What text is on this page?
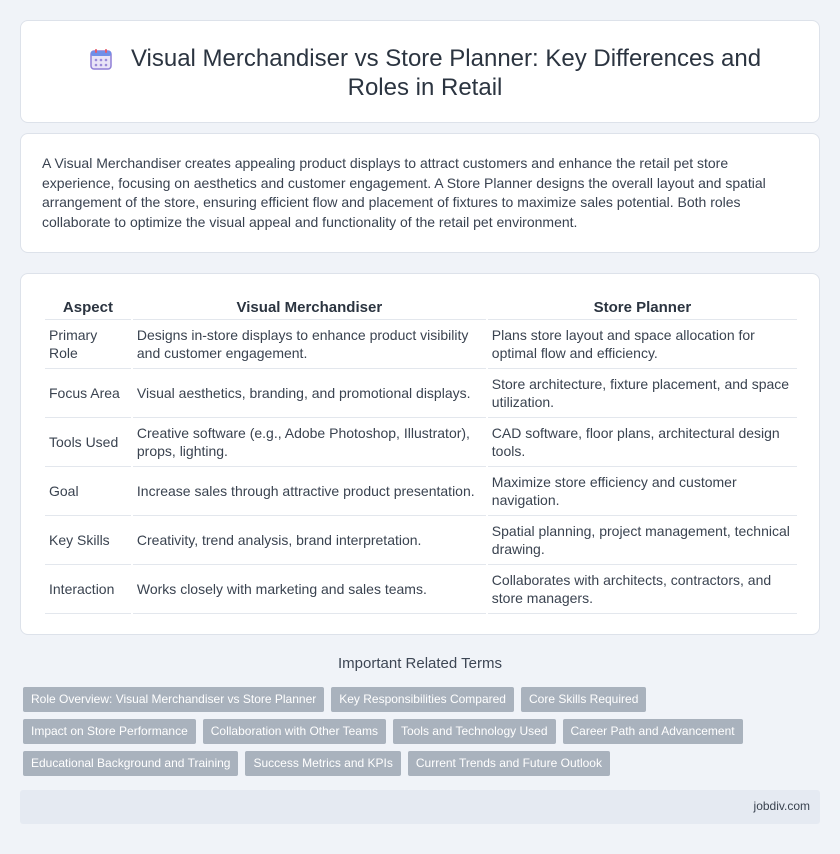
Visual Merchandiser vs Store Planner: Key Differences and Roles in Retail

A Visual Merchandiser creates appealing product displays to attract customers and enhance the retail pet store experience, focusing on aesthetics and customer engagement. A Store Planner designs the overall layout and spatial arrangement of the store, ensuring efficient flow and placement of fixtures to maximize sales potential. Both roles collaborate to optimize the visual appeal and functionality of the retail pet environment.

Aspect	Visual Merchandiser	Store Planner
Primary Role	Designs in-store displays to enhance product visibility and customer engagement.	Plans store layout and space allocation for optimal flow and efficiency.
Focus Area	Visual aesthetics, branding, and promotional displays.	Store architecture, fixture placement, and space utilization.
Tools Used	Creative software (e.g., Adobe Photoshop, Illustrator), props, lighting.	CAD software, floor plans, architectural design tools.
Goal	Increase sales through attractive product presentation.	Maximize store efficiency and customer navigation.
Key Skills	Creativity, trend analysis, brand interpretation.	Spatial planning, project management, technical drawing.
Interaction	Works closely with marketing and sales teams.	Collaborates with architects, contractors, and store managers.
Important Related Terms
Role Overview: Visual Merchandiser vs Store Planner	Key Responsibilities Compared	Core Skills Required
Impact on Store Performance	Collaboration with Other Teams	Tools and Technology Used	Career Path and Advancement
Educational Background and Training	Success Metrics and KPIs	Current Trends and Future Outlook
jobdiv.com
